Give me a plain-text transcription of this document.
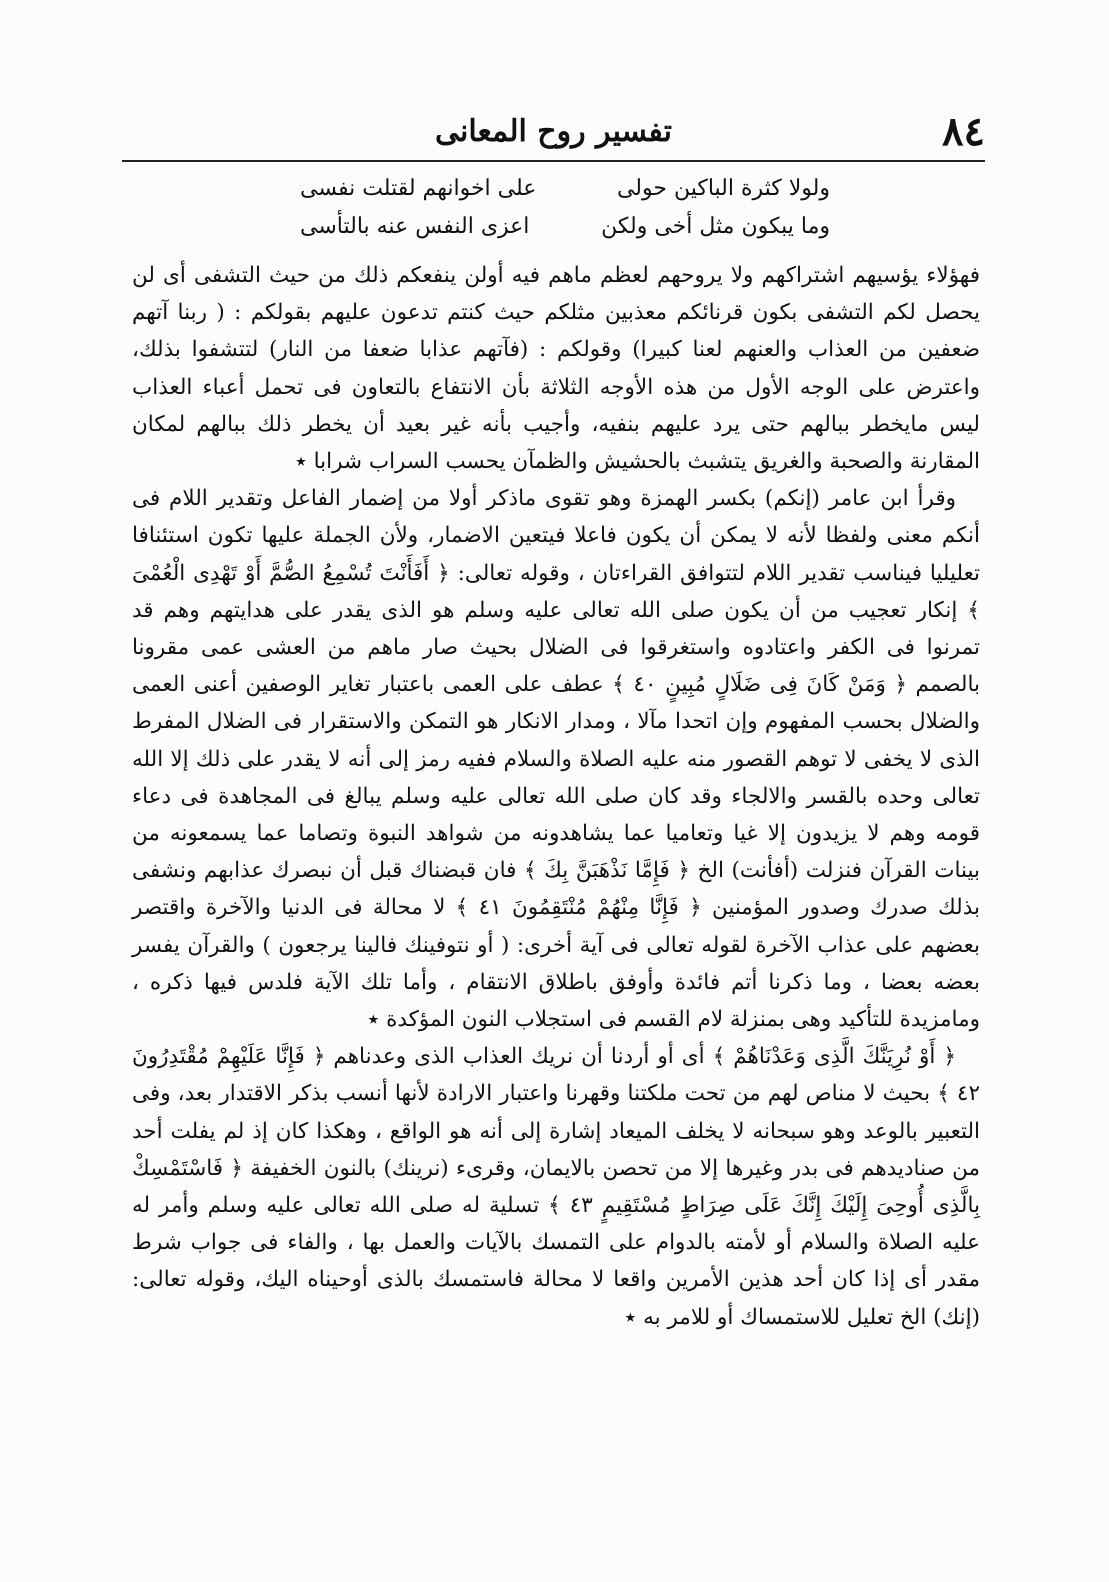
٨٤
تفسير روح المعانى
ولولا كثرة الباكين حولى
على اخوانهم لقتلت نفسى
وما يبكون مثل أخى ولكن
اعزى النفس عنه بالتأسى

فهؤلاء يؤسيهم اشتراكهم ولا يروحهم لعظم ماهم فيه أولن ينفعكم ذلك من حيث التشفى أى لن يحصل لكم التشفى بكون قرنائكم معذبين مثلكم حيث كنتم تدعون عليهم بقولكم : ( ربنا آتهم ضعفين من العذاب والعنهم لعنا كبيرا) وقولكم : (فآتهم عذابا ضعفا من النار) لتتشفوا بذلك، واعترض على الوجه الأول من هذه الأوجه الثلاثة بأن الانتفاع بالتعاون فى تحمل أعباء العذاب ليس مايخطر ببالهم حتى يرد عليهم بنفيه، وأجيب بأنه غير بعيد أن يخطر ذلك ببالهم لمكان المقارنة والصحبة والغريق يتشبث بالحشيش والظمآن يحسب السراب شرابا ٭

وقرأ ابن عامر (إنكم) بكسر الهمزة وهو تقوى ماذكر أولا من إضمار الفاعل وتقدير اللام فى أنكم معنى ولفظا لأنه لا يمكن أن يكون فاعلا فيتعين الاضمار، ولأن الجملة عليها تكون استئنافا تعليليا فيناسب تقدير اللام لتتوافق القراءتان ، وقوله تعالى: ﴿ أَفَأَنْتَ تُسْمِعُ الصُّمَّ أَوْ تَهْدِى الْعُمْىَ ﴾ إنكار تعجيب من أن يكون صلى الله تعالى عليه وسلم هو الذى يقدر على هدايتهم وهم قد تمرنوا فى الكفر واعتادوه واستغرقوا فى الضلال بحيث صار ماهم من العشى عمى مقرونا بالصمم ﴿ وَمَنْ كَانَ فِى ضَلَالٍ مُبِينٍ ٤٠ ﴾ عطف على العمى باعتبار تغاير الوصفين أعنى العمى والضلال بحسب المفهوم وإن اتحدا مآلا ، ومدار الانكار هو التمكن والاستقرار فى الضلال المفرط الذى لا يخفى لا توهم القصور منه عليه الصلاة والسلام ففيه رمز إلى أنه لا يقدر على ذلك إلا الله تعالى وحده بالقسر والالجاء وقد كان صلى الله تعالى عليه وسلم يبالغ فى المجاهدة فى دعاء قومه وهم لا يزيدون إلا غيا وتعاميا عما يشاهدونه من شواهد النبوة وتصاما عما يسمعونه من بينات القرآن فنزلت (أفأنت) الخ ﴿ فَإِمَّا نَذْهَبَنَّ بِكَ ﴾ فان قبضناك قبل أن نبصرك عذابهم ونشفى بذلك صدرك وصدور المؤمنين ﴿ فَإِنَّا مِنْهُمْ مُنْتَقِمُونَ ٤١ ﴾ لا محالة فى الدنيا والآخرة واقتصر بعضهم على عذاب الآخرة لقوله تعالى فى آية أخرى: ( أو نتوفينك فالينا يرجعون ) والقرآن يفسر بعضه بعضا ، وما ذكرنا أتم فائدة وأوفق باطلاق الانتقام ، وأما تلك الآية فلدس فيها ذكره ، ومامزيدة للتأكيد وهى بمنزلة لام القسم فى استجلاب النون المؤكدة ٭

﴿ أَوْ نُرِيَنَّكَ الَّذِى وَعَدْنَاهُمْ ﴾ أى أو أردنا أن نريك العذاب الذى وعدناهم ﴿ فَإِنَّا عَلَيْهِمْ مُقْتَدِرُونَ ٤٢ ﴾ بحيث لا مناص لهم من تحت ملكتنا وقهرنا واعتبار الارادة لأنها أنسب بذكر الاقتدار بعد، وفى التعبير بالوعد وهو سبحانه لا يخلف الميعاد إشارة إلى أنه هو الواقع ، وهكذا كان إذ لم يفلت أحد من صناديدهم فى بدر وغيرها إلا من تحصن بالايمان، وقرىء (نرينك) بالنون الخفيفة ﴿ فَاسْتَمْسِكْ بِالَّذِى أُوحِىَ إِلَيْكَ إِنَّكَ عَلَى صِرَاطٍ مُسْتَقِيمٍ ٤٣ ﴾ تسلية له صلى الله تعالى عليه وسلم وأمر له عليه الصلاة والسلام أو لأمته بالدوام على التمسك بالآيات والعمل بها ، والفاء فى جواب شرط مقدر أى إذا كان أحد هذين الأمرين واقعا لا محالة فاستمسك بالذى أوحيناه اليك، وقوله تعالى: (إنك) الخ تعليل للاستمساك أو للامر به ٭
